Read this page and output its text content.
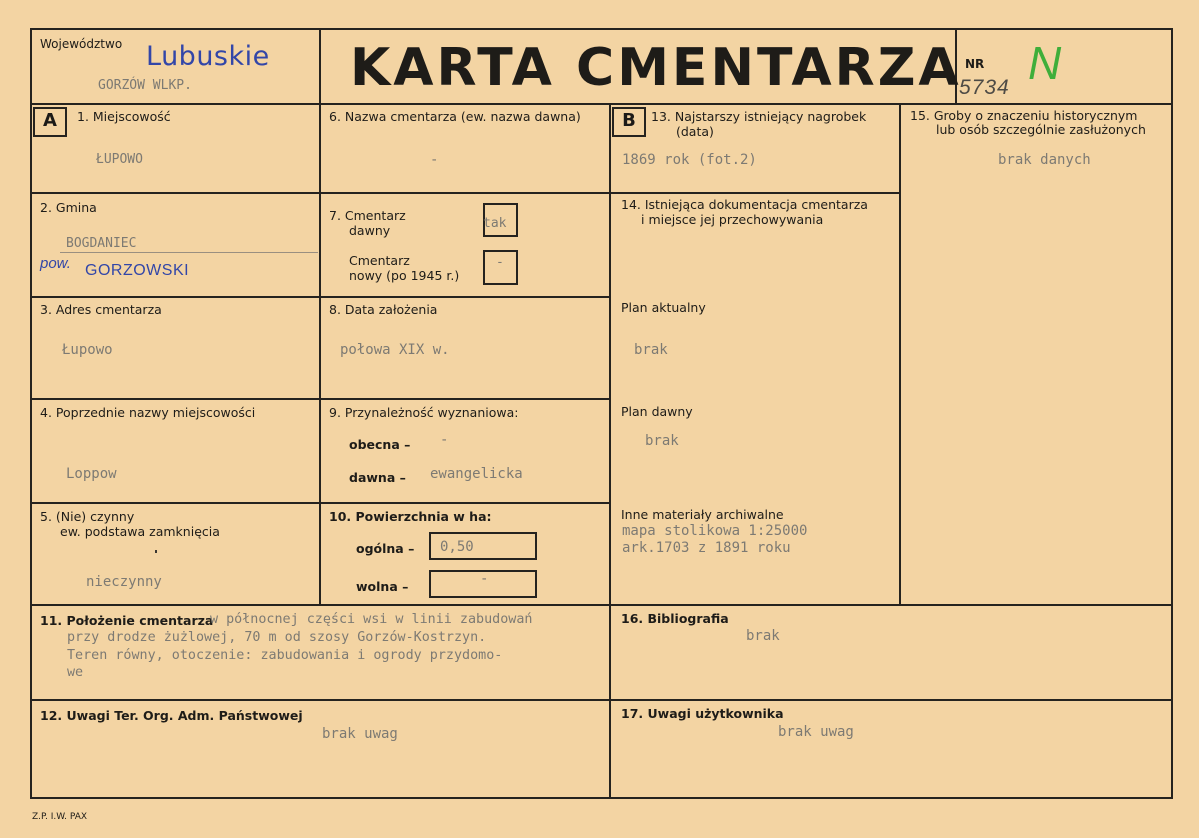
Województwo Lubuskie
GORZÓW WLKP.	KARTA CMENTARZA NR
5734 N
A	B
1. Miejscowość
ŁUPOWO
2. Gmina
BOGDANIEC
pow. GORZOWSKI
3. Adres cmentarza
Łupowo
4. Poprzednie nazwy miejscowości
Loppow
5. (Nie) czynny
ew. podstawa zamknięcia
nieczynny
6. Nazwa cmentarza (ew. nazwa dawna)
-
7. Cmentarz
dawny	tak
Cmentarz
nowy (po 1945 r.)
-
8. Data założenia
połowa XIX w.
9. Przynależność wyznaniowa:
obecna – -
dawna – ewangelicka
10. Powierzchnia w ha:
ogólna – 0,50
wolna –	-
13. Najstarszy istniejący nagrobek
(data)
1869 rok (fot.2)
14. Istniejąca dokumentacja cmentarza
i miejsce jej przechowywania
Plan aktualny
brak
Plan dawny
brak
Inne materiały archiwalne
mapa stolikowa 1:25000
ark.1703 z 1891 roku
15. Groby o znaczeniu historycznym
lub osób szczególnie zasłużonych
brak danych
11. Położenie cmentarza
w północnej części wsi w linii zabudowań
przy drodze żużlowej, 70 m od szosy Gorzów-Kostrzyn.
Teren równy, otoczenie: zabudowania i ogrody przydomo-
we
16. Bibliografia
brak
12. Uwagi Ter. Org. Adm. Państwowej
brak uwag
17. Uwagi użytkownika
brak uwag
Z.P. I.W. PAX
